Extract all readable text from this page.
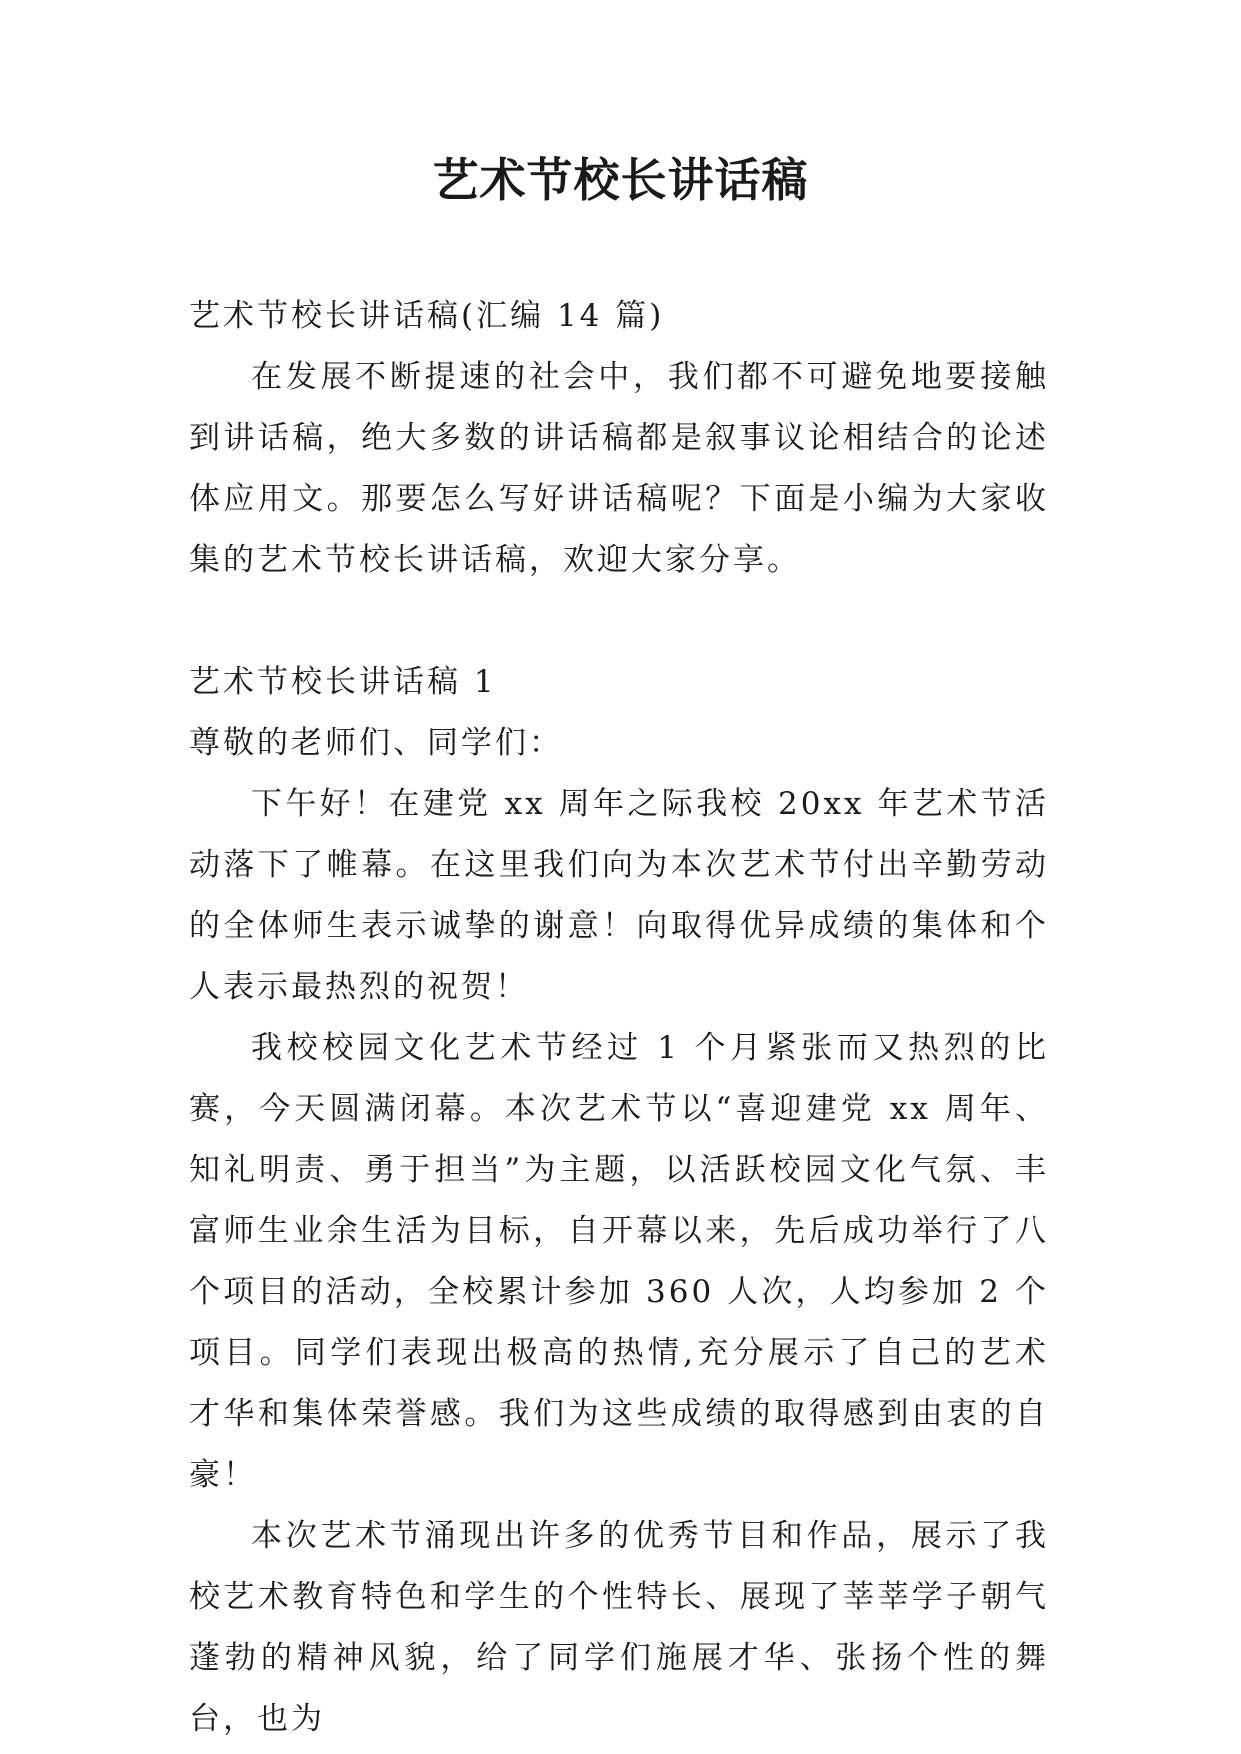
艺术节校长讲话稿
艺术节校长讲话稿(汇编 14 篇)
在发展不断提速的社会中，我们都不可避免地要接触到讲话稿，绝大多数的讲话稿都是叙事议论相结合的论述体应用文。那要怎么写好讲话稿呢？下面是小编为大家收集的艺术节校长讲话稿，欢迎大家分享。
艺术节校长讲话稿 1
尊敬的老师们、同学们：
下午好！在建党 xx 周年之际我校 20xx 年艺术节活动落下了帷幕。在这里我们向为本次艺术节付出辛勤劳动的全体师生表示诚挚的谢意！向取得优异成绩的集体和个人表示最热烈的祝贺！
我校校园文化艺术节经过 1 个月紧张而又热烈的比赛，今天圆满闭幕。本次艺术节以“喜迎建党 xx 周年、知礼明责、勇于担当”为主题，以活跃校园文化气氛、丰富师生业余生活为目标，自开幕以来，先后成功举行了八个项目的活动，全校累计参加 360 人次，人均参加 2 个项目。同学们表现出极高的热情,充分展示了自己的艺术才华和集体荣誉感。我们为这些成绩的取得感到由衷的自豪！
本次艺术节涌现出许多的优秀节目和作品，展示了我校艺术教育特色和学生的个性特长、展现了莘莘学子朝气蓬勃的精神风貌，给了同学们施展才华、张扬个性的舞台，也为
